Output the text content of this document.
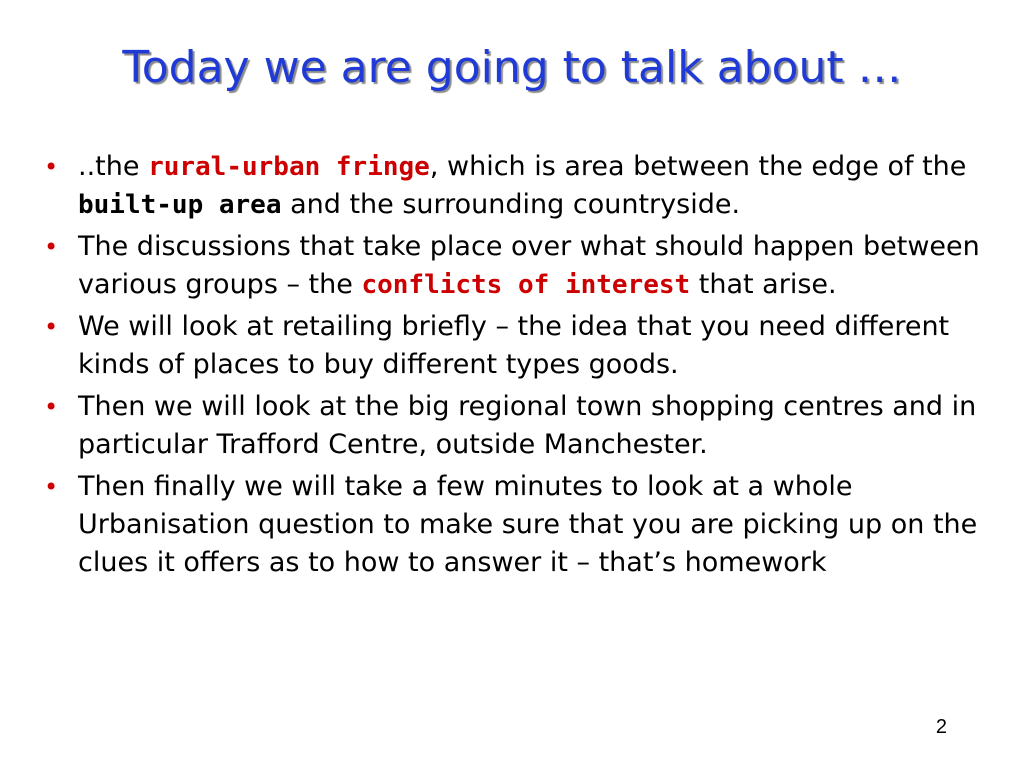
Today we are going to talk about …
• ..the rural-urban fringe, which is area between the edge of the built-up area and the surrounding countryside.
• The discussions that take place over what should happen between various groups – the conflicts of interest that arise.
• We will look at retailing briefly – the idea that you need different kinds of places to buy different types goods.
• Then we will look at the big regional town shopping centres and in particular Trafford Centre, outside Manchester.
• Then finally we will take a few minutes to look at a whole Urbanisation question to make sure that you are picking up on the clues it offers as to how to answer it – that’s homework
2
